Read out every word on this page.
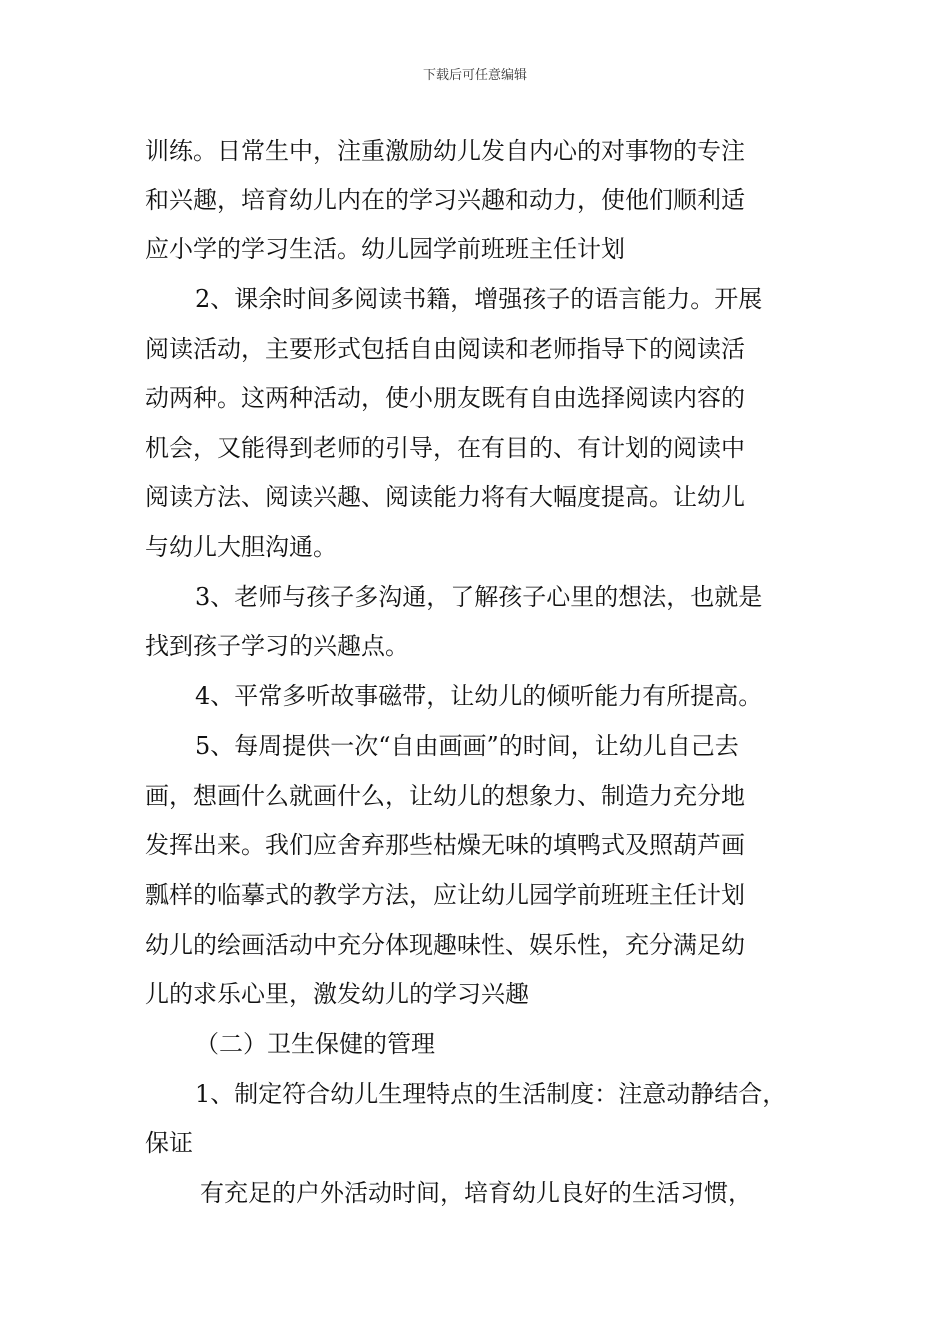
下载后可任意编辑
训练。日常生中，注重激励幼儿发自内心的对事物的专注
和兴趣，培育幼儿内在的学习兴趣和动力，使他们顺利适
应小学的学习生活。幼儿园学前班班主任计划
2、课余时间多阅读书籍，增强孩子的语言能力。开展
阅读活动，主要形式包括自由阅读和老师指导下的阅读活
动两种。这两种活动，使小朋友既有自由选择阅读内容的
机会，又能得到老师的引导，在有目的、有计划的阅读中
阅读方法、阅读兴趣、阅读能力将有大幅度提高。让幼儿
与幼儿大胆沟通。
3、老师与孩子多沟通，了解孩子心里的想法，也就是
找到孩子学习的兴趣点。
4、平常多听故事磁带，让幼儿的倾听能力有所提高。
5、每周提供一次“自由画画”的时间，让幼儿自己去
画，想画什么就画什么，让幼儿的想象力、制造力充分地
发挥出来。我们应舍弃那些枯燥无味的填鸭式及照葫芦画
瓢样的临摹式的教学方法，应让幼儿园学前班班主任计划
幼儿的绘画活动中充分体现趣味性、娱乐性，充分满足幼
儿的求乐心里，激发幼儿的学习兴趣
（二）卫生保健的管理
1、制定符合幼儿生理特点的生活制度：注意动静结合，
保证
有充足的户外活动时间，培育幼儿良好的生活习惯，
